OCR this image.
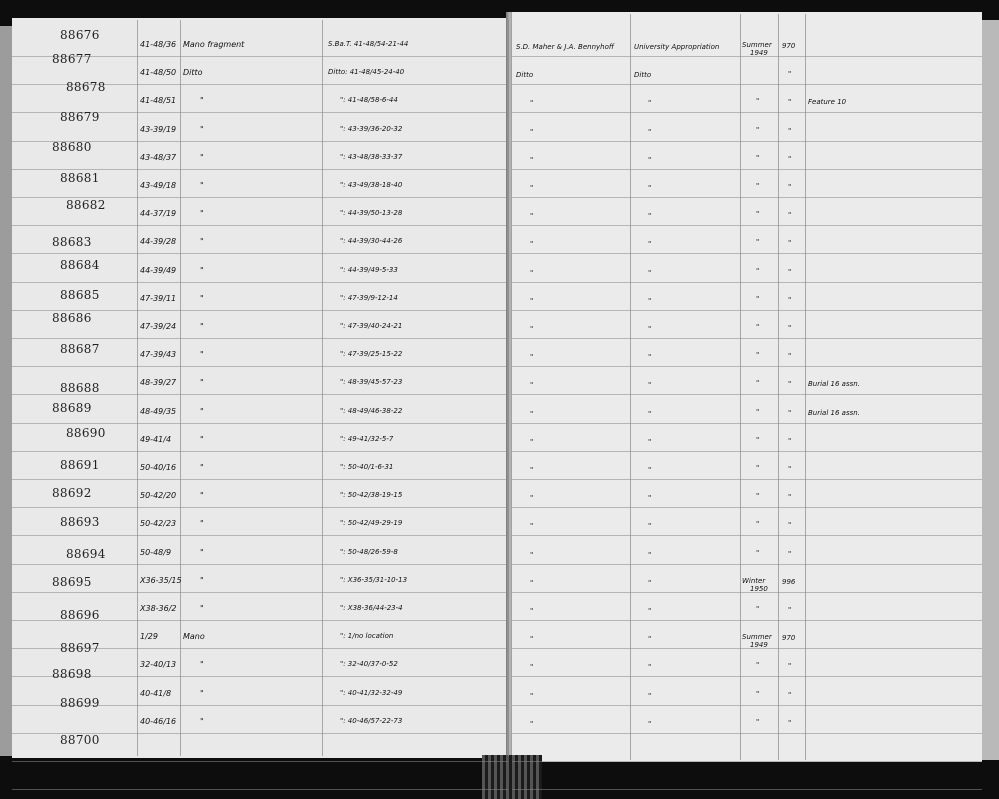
88676
41-48/36 Mano fragment	S.Ba.T. 41-48/54-21-44	S.D. Maher & J.A. Bennyhoff	University Appropriation	Summer
1949
970
88677
88678
41-48/50 Ditto	Ditto: 41-48/45-24-40	Ditto	Ditto	"
88679
41-48/51	"	": 41-48/58-6-44	"	"	"	" Feature 10
88680
43-39/19	"	": 43-39/36-20-32	"	"	"	"
88681
43-48/37	"	": 43-48/38-33-37	"	"	"	"
88682
43-49/18	"	": 43-49/38-18-40	"	"	"	"
88683
44-37/19	"	": 44-39/50-13-28	"	"	"	"
88684
44-39/28	"	": 44-39/30-44-26	"	"	"	"
88685
44-39/49	"	": 44-39/49-5-33	"	"	"	"
88686
47-39/11	"	": 47-39/9-12-14	"	"	"	"
88687
47-39/24	"	": 47-39/40-24-21	"	"	"	"
88688
47-39/43	"	": 47-39/25-15-22	"	"	"	"
88689
48-39/27	"	": 48-39/45-57-23	"	"	"	" Burial 16 assn.
88690
48-49/35	"	": 48-49/46-38-22	"	"	"	" Burial 16 assn.
88691
49-41/4	"	": 49-41/32-5-7	"	"	"	"
88692
50-40/16	"	": 50-40/1-6-31	"	"	"	"
88693
50-42/20	"	": 50-42/38-19-15	"	"	"	"
88694
50-42/23	"	": 50-42/49-29-19	"	"	"	"
88695
50-48/9	"	": 50-48/26-59-8	"	"	"	"
88696
X36-35/15 "	": X36-35/31-10-13	"	"	Winter
1950
996
88697
X38-36/2	"	": X38-36/44-23-4	"	"	"	"
88698
1/29	Mano	": 1/no location	"	"	Summer
1949
970
88699
32-40/13	"	": 32-40/37-0-52	"	"	"	"
88700
40-41/8	"	": 40-41/32-32-49	"	"	"	"
40-46/16	"	": 40-46/57-22-73	"	"	"	"
